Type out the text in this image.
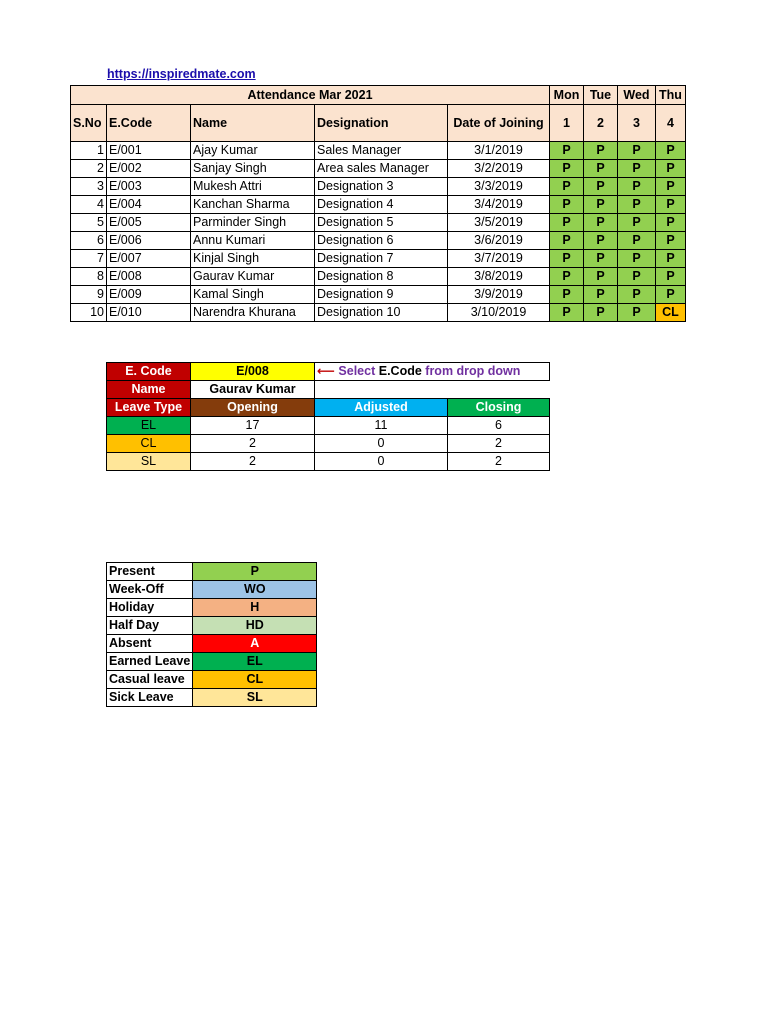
https://inspiredmate.com
Attendance Mar 2021					Mon	Tue	Wed	Thu
S.No	E.Code	Name	Designation	Date of Joining	1	2	3	4
1	E/001	Ajay Kumar	Sales Manager	3/1/2019	P	P	P	P
2	E/002	Sanjay Singh	Area sales Manager	3/2/2019	P	P	P	P
3	E/003	Mukesh Attri	Designation 3	3/3/2019	P	P	P	P
4	E/004	Kanchan Sharma	Designation 4	3/4/2019	P	P	P	P
5	E/005	Parminder Singh	Designation 5	3/5/2019	P	P	P	P
6	E/006	Annu Kumari	Designation 6	3/6/2019	P	P	P	P
7	E/007	Kinjal Singh	Designation 7	3/7/2019	P	P	P	P
8	E/008	Gaurav Kumar	Designation 8	3/8/2019	P	P	P	P
9	E/009	Kamal Singh	Designation 9	3/9/2019	P	P	P	P
10	E/010	Narendra Khurana	Designation 10	3/10/2019	P	P	P	CL
E. Code	E/008	⟵ Select E.Code from drop down	
Name	Gaurav Kumar		
Leave Type	Opening	Adjusted	Closing
EL	17	11	6
CL	2	0	2
SL	2	0	2
Present	P
Week-Off	WO
Holiday	H
Half Day	HD
Absent	A
Earned Leave	EL
Casual leave	CL
Sick Leave	SL
